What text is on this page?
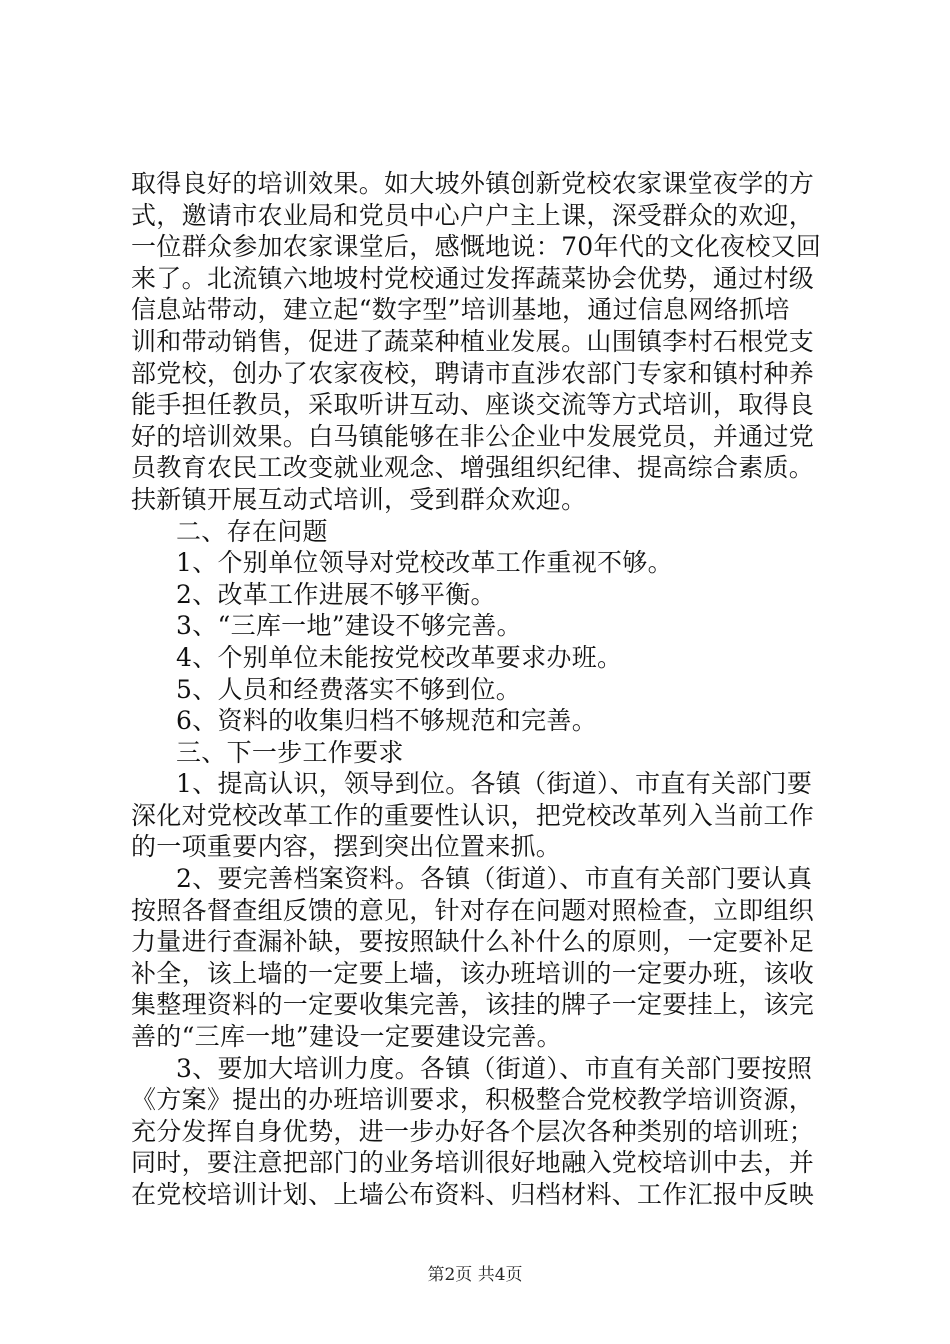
取得良好的培训效果。如大坡外镇创新党校农家课堂夜学的方
式，邀请市农业局和党员中心户户主上课，深受群众的欢迎，
一位群众参加农家课堂后，感慨地说：70年代的文化夜校又回
来了。北流镇六地坡村党校通过发挥蔬菜协会优势，通过村级
信息站带动，建立起“数字型”培训基地，通过信息网络抓培
训和带动销售，促进了蔬菜种植业发展。山围镇李村石根党支
部党校，创办了农家夜校，聘请市直涉农部门专家和镇村种养
能手担任教员，采取听讲互动、座谈交流等方式培训，取得良
好的培训效果。白马镇能够在非公企业中发展党员，并通过党
员教育农民工改变就业观念、增强组织纪律、提高综合素质。
扶新镇开展互动式培训，受到群众欢迎。
二、存在问题
1、个别单位领导对党校改革工作重视不够。
2、改革工作进展不够平衡。
3、“三库一地”建设不够完善。
4、个别单位未能按党校改革要求办班。
5、人员和经费落实不够到位。
6、资料的收集归档不够规范和完善。
三、下一步工作要求
1、提高认识，领导到位。各镇（街道）、市直有关部门要
深化对党校改革工作的重要性认识，把党校改革列入当前工作
的一项重要内容，摆到突出位置来抓。
2、要完善档案资料。各镇（街道）、市直有关部门要认真
按照各督查组反馈的意见，针对存在问题对照检查，立即组织
力量进行查漏补缺，要按照缺什么补什么的原则，一定要补足
补全，该上墙的一定要上墙，该办班培训的一定要办班，该收
集整理资料的一定要收集完善，该挂的牌子一定要挂上，该完
善的“三库一地”建设一定要建设完善。
3、要加大培训力度。各镇（街道）、市直有关部门要按照
《方案》提出的办班培训要求，积极整合党校教学培训资源，
充分发挥自身优势，进一步办好各个层次各种类别的培训班；
同时，要注意把部门的业务培训很好地融入党校培训中去，并
在党校培训计划、上墙公布资料、归档材料、工作汇报中反映
第2页 共4页
